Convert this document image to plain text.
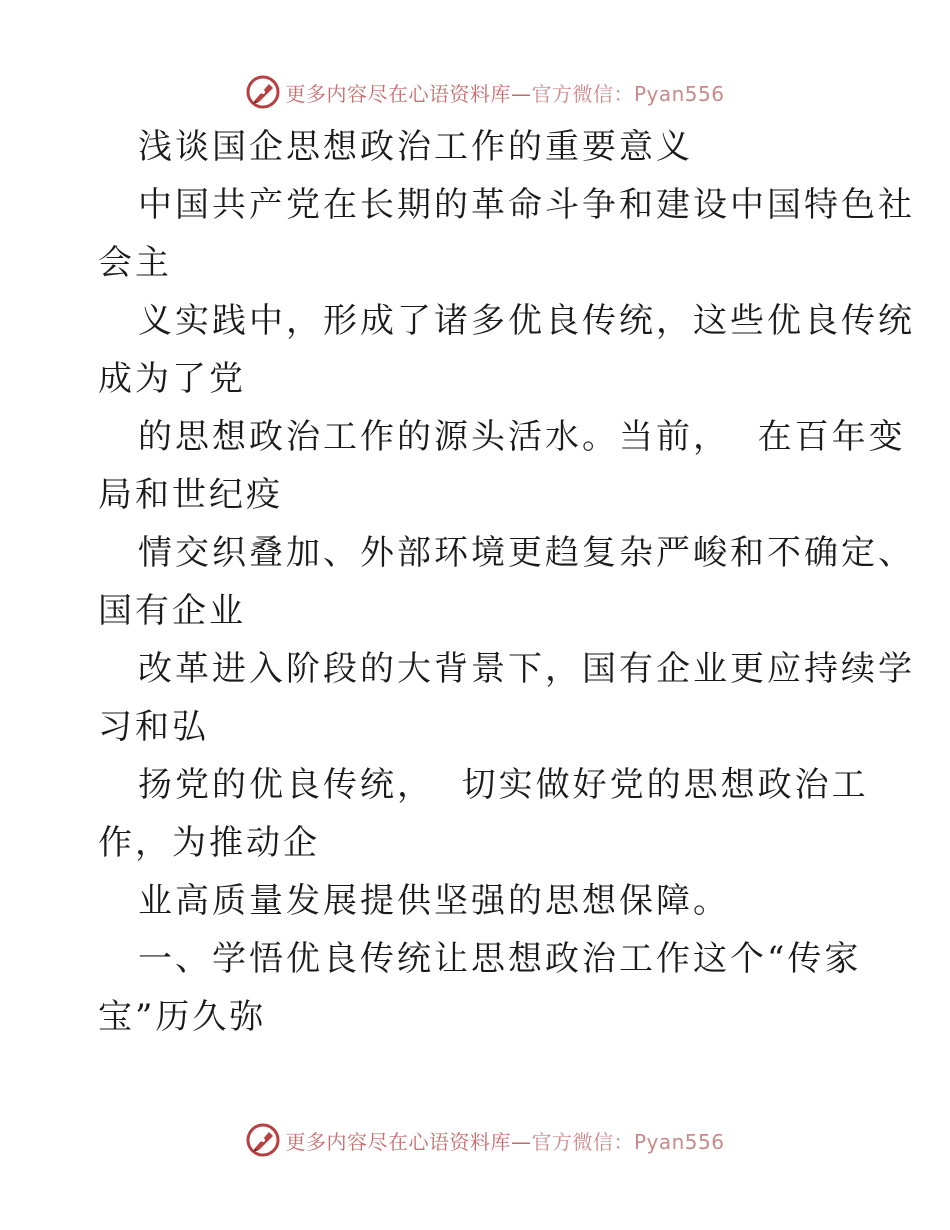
更多内容尽在心语资料库—官方微信：Pyan556
浅谈国企思想政治工作的重要意义
中国共产党在长期的革命斗争和建设中国特色社
会主
义实践中，形成了诸多优良传统，这些优良传统
成为了党
的思想政治工作的源头活水。当前，  在百年变
局和世纪疫
情交织叠加、外部环境更趋复杂严峻和不确定、
国有企业
改革进入阶段的大背景下，国有企业更应持续学
习和弘
扬党的优良传统，  切实做好党的思想政治工
作，为推动企
业高质量发展提供坚强的思想保障。
一、学悟优良传统让思想政治工作这个“传家
宝”历久弥
更多内容尽在心语资料库—官方微信：Pyan556
